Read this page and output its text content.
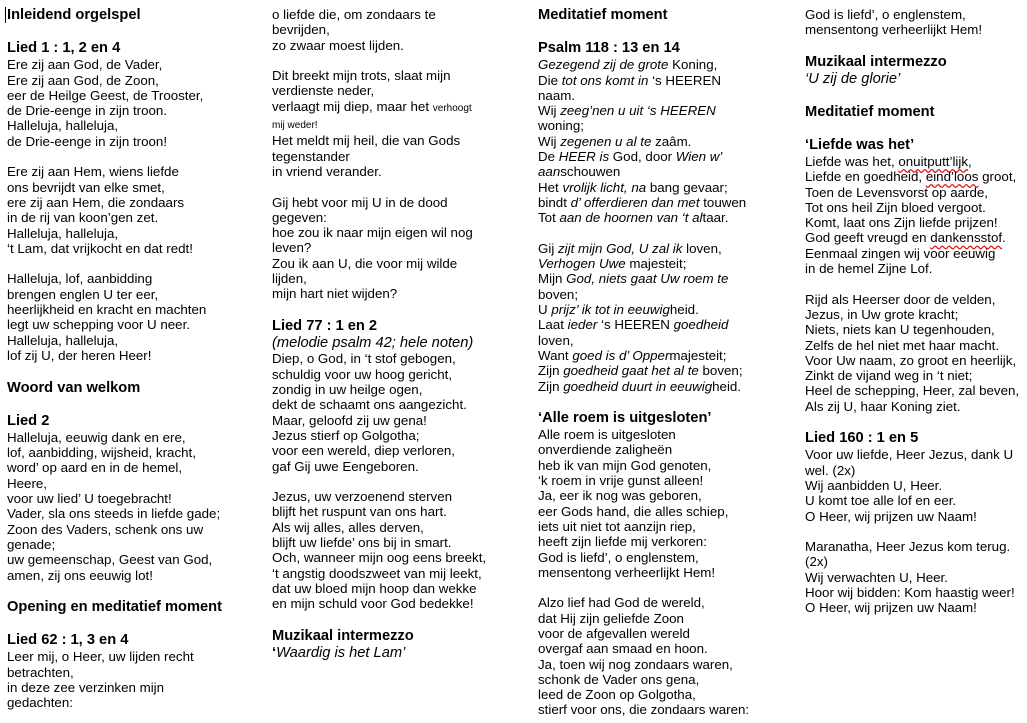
Inleidend orgelspel
Lied 1 : 1, 2 en 4
Ere zij aan God, de Vader,
Ere zij aan God, de Zoon,
eer de Heilge Geest, de Trooster,
de Drie-eenge in zijn troon.
Halleluja, halleluja,
de Drie-eenge in zijn troon!
Ere zij aan Hem, wiens liefde
ons bevrijdt van elke smet,
ere zij aan Hem, die zondaars
in de rij van koon’gen zet.
Halleluja, halleluja,
‘t Lam, dat vrijkocht en dat redt!
Halleluja, lof, aanbidding
brengen englen U ter eer,
heerlijkheid en kracht en machten
legt uw schepping voor U neer.
Halleluja, halleluja,
lof zij U, der heren Heer!
Woord van welkom
Lied 2
Halleluja, eeuwig dank en ere,
lof, aanbidding, wijsheid, kracht,
word’ op aard en in de hemel,
Heere,
voor uw lied’ U toegebracht!
Vader, sla ons steeds in liefde gade;
Zoon des Vaders, schenk ons uw
genade;
uw gemeenschap, Geest van God,
amen, zij ons eeuwig lot!
Opening en meditatief moment
Lied 62 : 1, 3 en 4
Leer mij, o Heer, uw lijden recht
betrachten,
in deze zee verzinken mijn
gedachten:
o liefde die, om zondaars te
bevrijden,
zo zwaar moest lijden.
Dit breekt mijn trots, slaat mijn
verdienste neder,
verlaagt mij diep, maar het verhoogt
mij weder!
Het meldt mij heil, die van Gods
tegenstander
in vriend verander.
Gij hebt voor mij U in de dood
gegeven:
hoe zou ik naar mijn eigen wil nog
leven?
Zou ik aan U, die voor mij wilde
lijden,
mijn hart niet wijden?
Lied 77 : 1 en 2
(melodie psalm 42; hele noten)
Diep, o God, in ‘t stof gebogen,
schuldig voor uw hoog gericht,
zondig in uw heilge ogen,
dekt de schaamt ons aangezicht.
Maar, geloofd zij uw gena!
Jezus stierf op Golgotha;
voor een wereld, diep verloren,
gaf Gij uwe Eengeboren.
Jezus, uw verzoenend sterven
blijft het ruspunt van ons hart.
Als wij alles, alles derven,
blijft uw liefde’ ons bij in smart.
Och, wanneer mijn oog eens breekt,
‘t angstig doodszweet van mij leekt,
dat uw bloed mijn hoop dan wekke
en mijn schuld voor God bedekke!
Muzikaal intermezzo
‘Waardig is het Lam’
Meditatief moment
Psalm 118 : 13 en 14
Gezegend zij de grote Koning,
Die tot ons komt in ‘s HEEREN
naam.
Wij zeeg’nen u uit ‘s HEEREN
woning;
Wij zegenen u al te zaâm.
De HEER is God, door Wien w’
aanschouwen
Het vrolijk licht, na bang gevaar;
bindt d’ offerdieren dan met touwen
Tot aan de hoornen van ‘t altaar.
Gij zijt mijn God, U zal ik loven,
Verhogen Uwe majesteit;
Mijn God, niets gaat Uw roem te
boven;
U prijz’ ik tot in eeuwigheid.
Laat ieder ‘s HEEREN goedheid
loven,
Want goed is d’ Oppermajesteit;
Zijn goedheid gaat het al te boven;
Zijn goedheid duurt in eeuwigheid.
‘Alle roem is uitgesloten’
Alle roem is uitgesloten
onverdiende zaligheën
heb ik van mijn God genoten,
‘k roem in vrije gunst alleen!
Ja, eer ik nog was geboren,
eer Gods hand, die alles schiep,
iets uit niet tot aanzijn riep,
heeft zijn liefde mij verkoren:
God is liefd’, o englenstem,
mensentong verheerlijkt Hem!
Alzo lief had God de wereld,
dat Hij zijn geliefde Zoon
voor de afgevallen wereld
overgaf aan smaad en hoon.
Ja, toen wij nog zondaars waren,
schonk de Vader ons gena,
leed de Zoon op Golgotha,
stierf voor ons, die zondaars waren:
God is liefd’, o englenstem,
mensentong verheerlijkt Hem!
Muzikaal intermezzo
‘U zij de glorie’
Meditatief moment
‘Liefde was het’
Liefde was het, onuitputt’lijk,
Liefde en goedheid, eind’loos groot,
Toen de Levensvorst op aarde,
Tot ons heil Zijn bloed vergoot.
Komt, laat ons Zijn liefde prijzen!
God geeft vreugd en dankensstof.
Eenmaal zingen wij voor eeuwig
in de hemel Zijne Lof.
Rijd als Heerser door de velden,
Jezus, in Uw grote kracht;
Niets, niets kan U tegenhouden,
Zelfs de hel niet met haar macht.
Voor Uw naam, zo groot en heerlijk,
Zinkt de vijand weg in ‘t niet;
Heel de schepping, Heer, zal beven,
Als zij U, haar Koning ziet.
Lied 160 : 1 en 5
Voor uw liefde, Heer Jezus, dank U
wel. (2x)
Wij aanbidden U, Heer.
U komt toe alle lof en eer.
O Heer, wij prijzen uw Naam!
Maranatha, Heer Jezus kom terug.
(2x)
Wij verwachten U, Heer.
Hoor wij bidden: Kom haastig weer!
O Heer, wij prijzen uw Naam!
